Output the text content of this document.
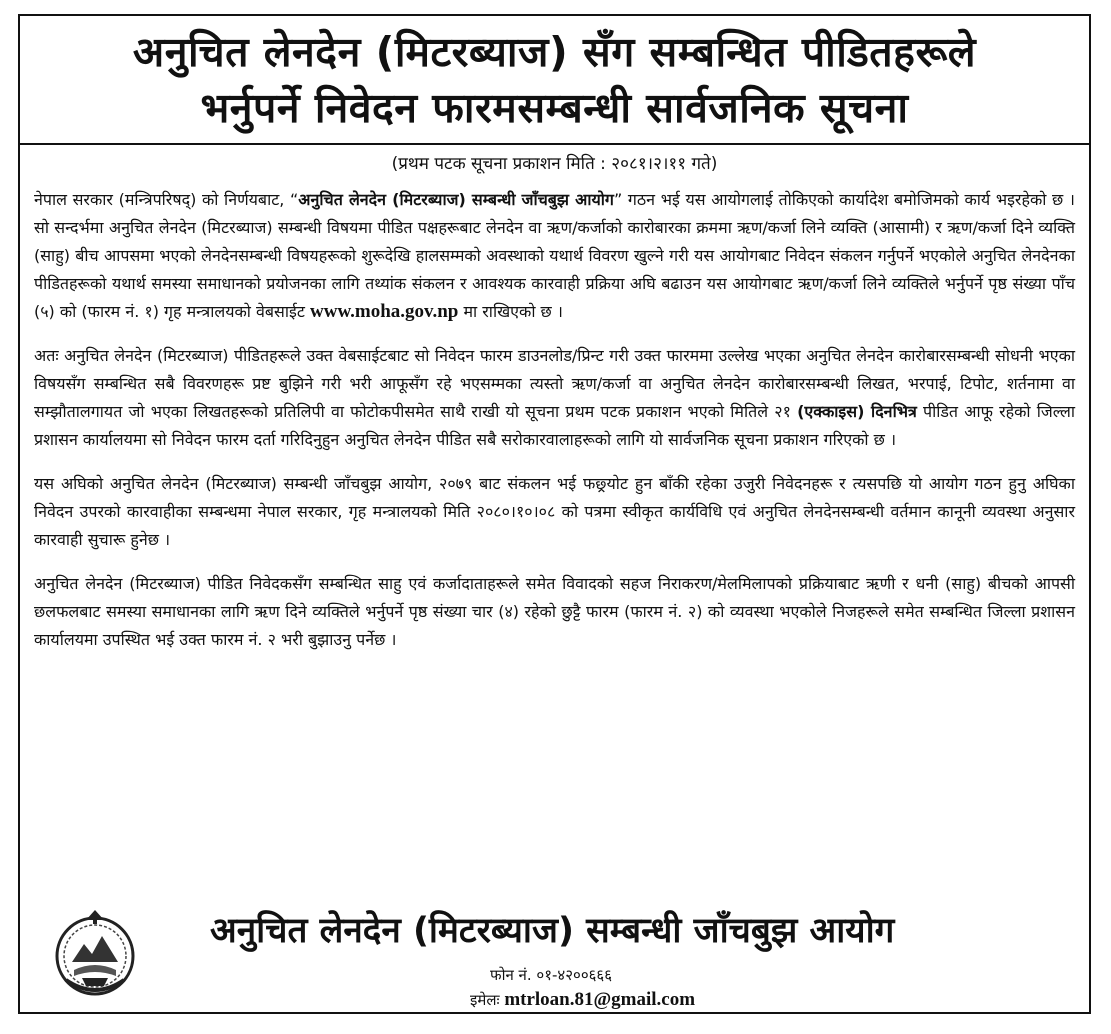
अनुचित लेनदेन (मिटरब्याज) सँग सम्बन्धित पीडितहरूले
भर्नुपर्ने निवेदन फारमसम्बन्धी सार्वजनिक सूचना
(प्रथम पटक सूचना प्रकाशन मिति : २०८१।२।११ गते)

नेपाल सरकार (मन्त्रिपरिषद्) को निर्णयबाट, “अनुचित लेनदेन (मिटरब्याज) सम्बन्धी जाँचबुझ आयोग” गठन भई यस आयोगलाई तोकिएको कार्यादेश बमोजिमको कार्य भइरहेको छ । सो सन्दर्भमा अनुचित लेनदेन (मिटरब्याज) सम्बन्धी विषयमा पीडित पक्षहरूबाट लेनदेन वा ऋण/कर्जाको कारोबारका क्रममा ऋण/कर्जा लिने व्यक्ति (आसामी) र ऋण/कर्जा दिने व्यक्ति (साहु) बीच आपसमा भएको लेनदेनसम्बन्धी विषयहरूको शुरूदेखि हालसम्मको अवस्थाको यथार्थ विवरण खुल्ने गरी यस आयोगबाट निवेदन संकलन गर्नुपर्ने भएकोले अनुचित लेनदेनका पीडितहरूको यथार्थ समस्या समाधानको प्रयोजनका लागि तथ्यांक संकलन र आवश्यक कारवाही प्रक्रिया अघि बढाउन यस आयोगबाट ऋण/कर्जा लिने व्यक्तिले भर्नुपर्ने पृष्ठ संख्या पाँच (५) को (फारम नं. १) गृह मन्त्रालयको वेबसाईट www.moha.gov.np मा राखिएको छ ।

अतः अनुचित लेनदेन (मिटरब्याज) पीडितहरूले उक्त वेबसाईटबाट सो निवेदन फारम डाउनलोड/प्रिन्ट गरी उक्त फारममा उल्लेख भएका अनुचित लेनदेन कारोबारसम्बन्धी सोधनी भएका विषयसँग सम्बन्धित सबै विवरणहरू प्रष्ट बुझिने गरी भरी आफूसँग रहे भएसम्मका त्यस्तो ऋण/कर्जा वा अनुचित लेनदेन कारोबारसम्बन्धी लिखत, भरपाई, टिपोट, शर्तनामा वा सम्झौतालगायत जो भएका लिखतहरूको प्रतिलिपी वा फोटोकपीसमेत साथै राखी यो सूचना प्रथम पटक प्रकाशन भएको मितिले २१ (एक्काइस) दिनभित्र पीडित आफू रहेको जिल्ला प्रशासन कार्यालयमा सो निवेदन फारम दर्ता गरिदिनुहुन अनुचित लेनदेन पीडित सबै सरोकारवालाहरूको लागि यो सार्वजनिक सूचना प्रकाशन गरिएको छ ।

यस अघिको अनुचित लेनदेन (मिटरब्याज) सम्बन्धी जाँचबुझ आयोग, २०७९ बाट संकलन भई फछ्र्योट हुन बाँकी रहेका उजुरी निवेदनहरू र त्यसपछि यो आयोग गठन हुनु अघिका निवेदन उपरको कारवाहीका सम्बन्धमा नेपाल सरकार, गृह मन्त्रालयको मिति २०८०।१०।०८ को पत्रमा स्वीकृत कार्यविधि एवं अनुचित लेनदेनसम्बन्धी वर्तमान कानूनी व्यवस्था अनुसार कारवाही सुचारू हुनेछ ।

अनुचित लेनदेन (मिटरब्याज) पीडित निवेदकसँग सम्बन्धित साहु एवं कर्जादाताहरूले समेत विवादको सहज निराकरण/मेलमिलापको प्रक्रियाबाट ऋणी र धनी (साहु) बीचको आपसी छलफलबाट समस्या समाधानका लागि ऋण दिने व्यक्तिले भर्नुपर्ने पृष्ठ संख्या चार (४) रहेको छुट्टै फारम (फारम नं. २) को व्यवस्था भएकोले निजहरूले समेत सम्बन्धित जिल्ला प्रशासन कार्यालयमा उपस्थित भई उक्त फारम नं. २ भरी बुझाउनु पर्नेछ ।

अनुचित लेनदेन (मिटरब्याज) सम्बन्धी जाँचबुझ आयोग
फोन नं. ०१-४२००६६६
इमेलः mtrloan.81@gmail.com
